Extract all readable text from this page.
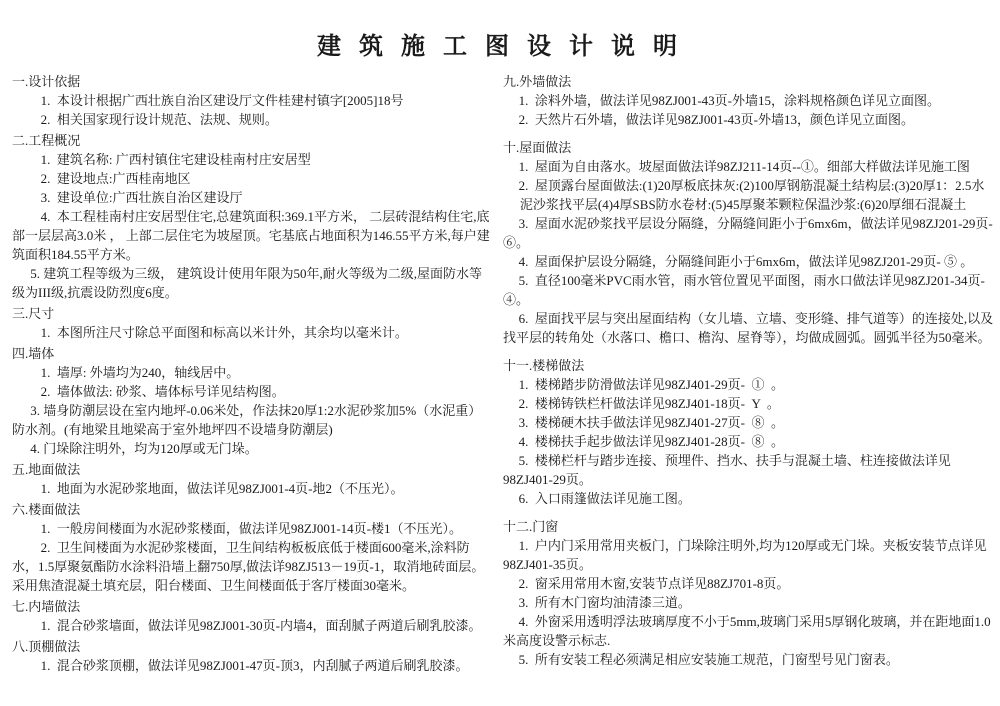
建 筑 施 工 图 设 计 说 明

一.设计依据

1.  本设计根据广西壮族自治区建设厅文件桂建村镇字[2005]18号

2.  相关国家现行设计规范、法规、规则。

二.工程概况

1.  建筑名称: 广西村镇住宅建设桂南村庄安居型

2.  建设地点:广西桂南地区

3.  建设单位:广西壮族自治区建设厅

4.  本工程桂南村庄安居型住宅,总建筑面积:369.1平方米， 二层砖混结构住宅,底部一层层高3.0米 ， 上部二层住宅为坡屋顶。宅基底占地面积为146.55平方米,每户建筑面积184.55平方米。

5. 建筑工程等级为三级， 建筑设计使用年限为50年,耐火等级为二级,屋面防水等级为III级,抗震设防烈度6度。

三.尺寸

1.  本图所注尺寸除总平面图和标高以米计外，其余均以毫米计。

四.墙体

1.  墙厚: 外墙均为240，轴线居中。

2.  墙体做法: 砂浆、墙体标号详见结构图。

3. 墙身防潮层设在室内地坪-0.06米处，作法抹20厚1:2水泥砂浆加5%（水泥重）防水剂。(有地梁且地梁高于室外地坪四不设墙身防潮层)

4. 门垛除注明外，均为120厚或无门垛。

五.地面做法

1.  地面为水泥砂浆地面，做法详见98ZJ001-4页-地2（不压光）。

六.楼面做法

1.  一般房间楼面为水泥砂浆楼面，做法详见98ZJ001-14页-楼1（不压光）。

2.  卫生间楼面为水泥砂浆楼面，卫生间结构板板底低于楼面600毫米,涂料防水，1.5厚聚氨酯防水涂料沿墙上翻750厚,做法详98ZJ513－19页-1，取消地砖面层。采用焦渣混凝土填充层，阳台楼面、卫生间楼面低于客厅楼面30毫米。

七.内墙做法

1.  混合砂浆墙面，做法详见98ZJ001-30页-内墙4，面刮腻子两道后刷乳胶漆。

八.顶棚做法

1.  混合砂浆顶棚，做法详见98ZJ001-47页-顶3，内刮腻子两道后刷乳胶漆。

九.外墙做法

1.  涂料外墙，做法详见98ZJ001-43页-外墙15，涂料规格颜色详见立面图。

2.  天然片石外墙，做法详见98ZJ001-43页-外墙13，颜色详见立面图。

十.屋面做法

1.  屋面为自由落水。坡屋面做法详98ZJ211-14页--①。细部大样做法详见施工图

2.  屋顶露台屋面做法:(1)20厚板底抹灰:(2)100厚钢筋混凝土结构层:(3)20厚1：2.5水泥沙浆找平层(4)4厚SBS防水卷材:(5)45厚聚苯颗粒保温沙浆:(6)20厚细石混凝土

3.  屋面水泥砂浆找平层设分隔缝，分隔缝间距小于6mx6m，做法详见98ZJ201-29页- ⑥。

4.  屋面保护层设分隔缝，分隔缝间距小于6mx6m，做法详见98ZJ201-29页- ⑤ 。

5.  直径100毫米PVC雨水管，雨水管位置见平面图，雨水口做法详见98ZJ201-34页- ④。

6.  屋面找平层与突出屋面结构（女儿墙、立墙、变形缝、排气道等）的连接处,以及找平层的转角处（水落口、檐口、檐沟、屋脊等），均做成圆弧。圆弧半径为50毫米。

十一.楼梯做法

1.  楼梯踏步防滑做法详见98ZJ401-29页-  ①  。

2.  楼梯铸铁栏杆做法详见98ZJ401-18页-  Y  。

3.  楼梯硬木扶手做法详见98ZJ401-27页-  ⑧  。

4.  楼梯扶手起步做法详见98ZJ401-28页-  ⑧  。

5.  楼梯栏杆与踏步连接、预埋件、挡水、扶手与混凝土墙、柱连接做法详见98ZJ401-29页。

6.  入口雨篷做法详见施工图。

十二.门窗

1.  户内门采用常用夹板门，门垛除注明外,均为120厚或无门垛。夹板安装节点详见98ZJ401-35页。

2.  窗采用常用木窗,安装节点详见88ZJ701-8页。

3.  所有木门窗均油清漆三道。

4.  外窗采用透明浮法玻璃厚度不小于5mm,玻璃门采用5厚钢化玻璃，并在距地面1.0米高度设警示标志.

5.  所有安装工程必须满足相应安装施工规范，门窗型号见门窗表。
